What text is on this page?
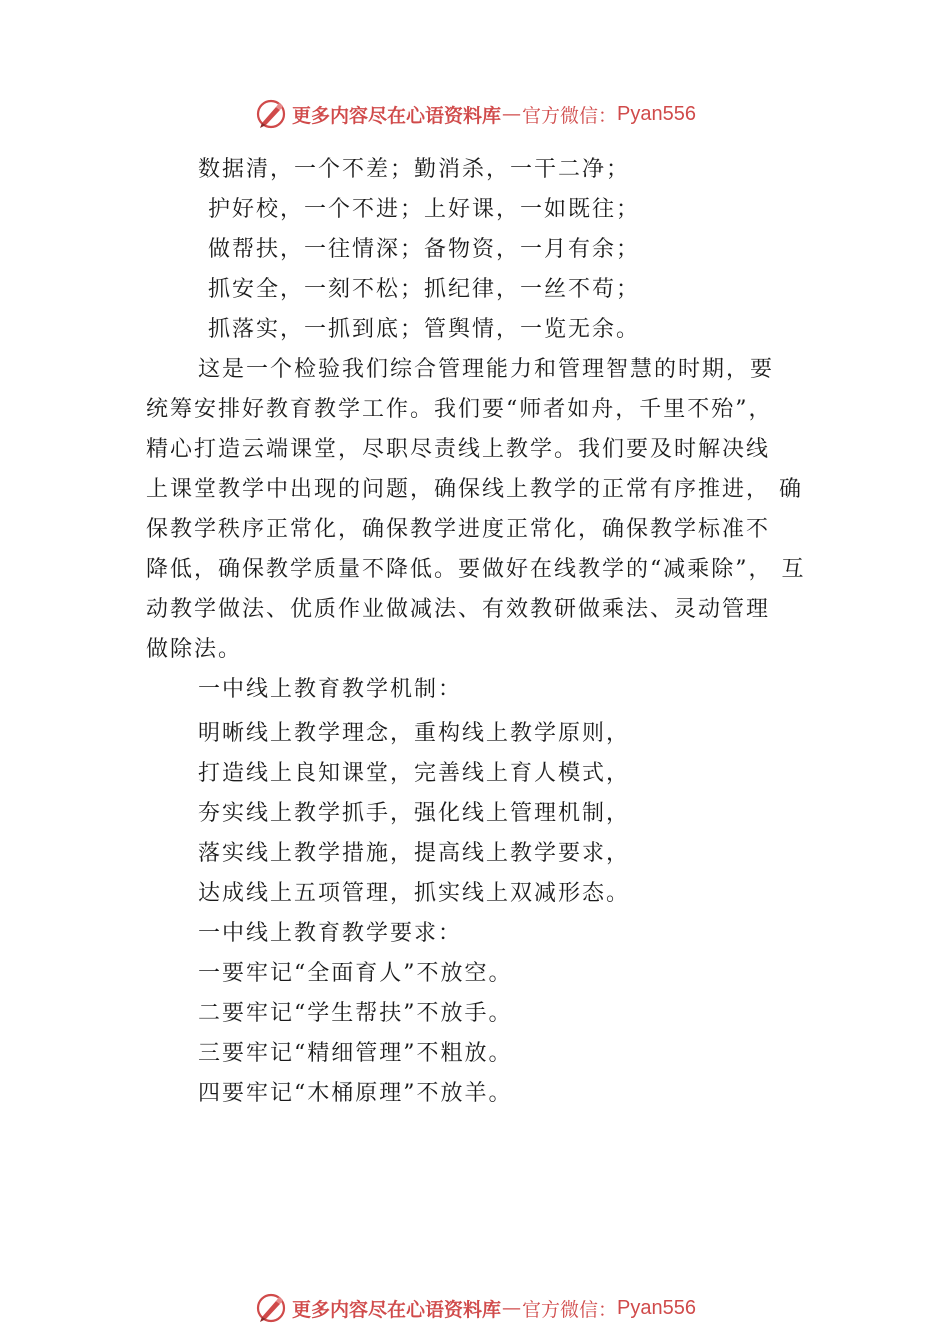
更多内容尽在心语资料库 — 官方微信： Pyan556
数据清，一个不差；勤消杀，一干二净；
护好校，一个不进；上好课，一如既往；
做帮扶，一往情深；备物资，一月有余；
抓安全，一刻不松；抓纪律，一丝不苟；
抓落实，一抓到底；管舆情，一览无余。
这是一个检验我们综合管理能力和管理智慧的时期，要
统筹安排好教育教学工作。我们要“师者如舟，千里不殆”，
精心打造云端课堂，尽职尽责线上教学。我们要及时解决线
上课堂教学中出现的问题，确保线上教学的正常有序推进， 确
保教学秩序正常化，确保教学进度正常化，确保教学标准不
降低，确保教学质量不降低。要做好在线教学的“减乘除”， 互
动教学做法、优质作业做减法、有效教研做乘法、灵动管理
做除法。
一中线上教育教学机制：
明晰线上教学理念，重构线上教学原则，
打造线上良知课堂，完善线上育人模式，
夯实线上教学抓手，强化线上管理机制，
落实线上教学措施，提高线上教学要求，
达成线上五项管理，抓实线上双减形态。
一中线上教育教学要求：
一要牢记“全面育人”不放空。
二要牢记“学生帮扶”不放手。
三要牢记“精细管理”不粗放。
四要牢记“木桶原理”不放羊。
更多内容尽在心语资料库 — 官方微信： Pyan556
